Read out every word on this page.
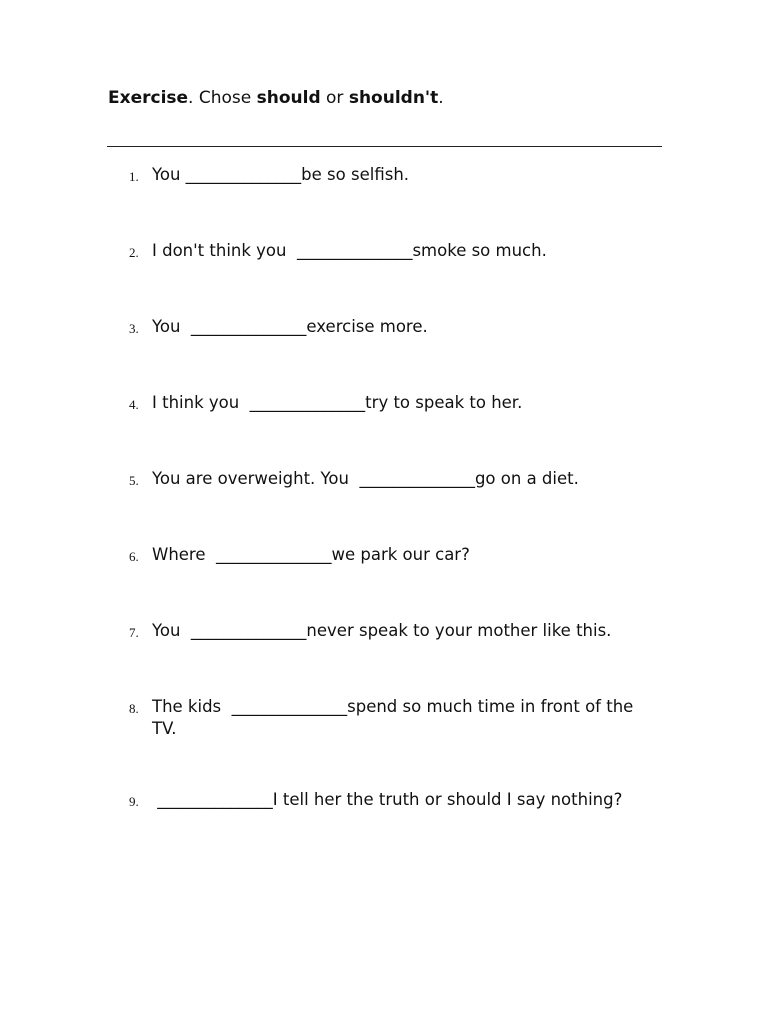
Exercise. Chose should or shouldn't.
1. You ______________be so selfish.
2. I don't think you  ______________smoke so much.
3. You  ______________exercise more.
4. I think you  ______________try to speak to her.
5. You are overweight. You  ______________go on a diet.
6. Where  ______________we park our car?
7. You  ______________never speak to your mother like this.
8. The kids  ______________spend so much time in front of the TV.
9. ______________I tell her the truth or should I say nothing?
